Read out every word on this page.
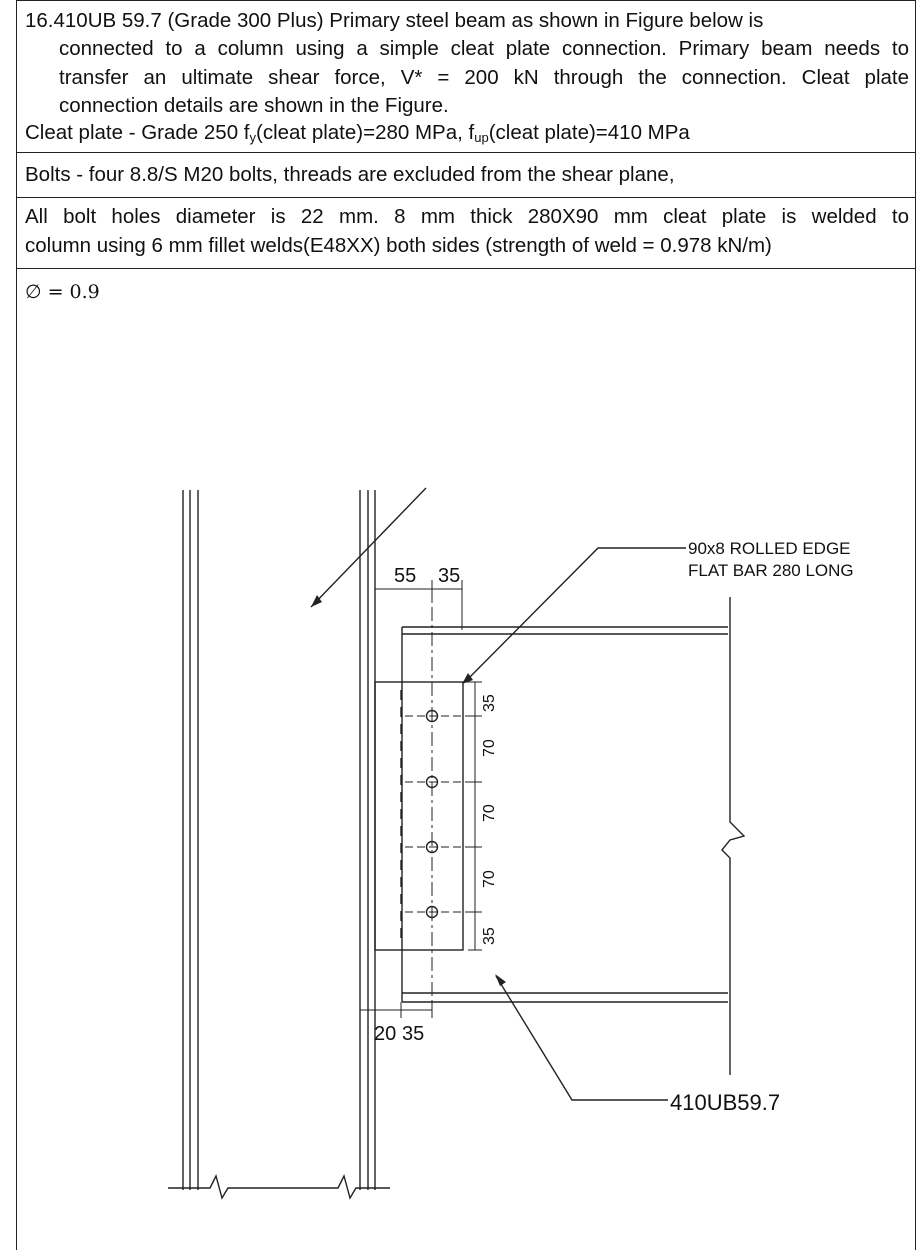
16.410UB 59.7 (Grade 300 Plus) Primary steel beam as shown in Figure below is
connected to a column using a simple cleat plate connection. Primary beam needs to
transfer an ultimate shear force, V* = 200 kN through the connection. Cleat plate
connection details are shown in the Figure.
Cleat plate - Grade 250 $f_y(cleat$ plate)=280 MPa, $f_{up}(cleat$ plate)=410 MPa
Bolts - four 8.8/S M20 bolts, threads are excluded from the shear plane,
All bolt holes diameter is 22 mm. 8 mm thick 280X90 mm cleat plate is welded to
column using 6 mm fillet welds(E48XX) both sides (strength of weld = 0.978 kN/m)
∅ = 0.9
55 35
20 35
35
70
70
70
35
90x8 ROLLED EDGE
FLAT BAR 280 LONG
410UB59.7
